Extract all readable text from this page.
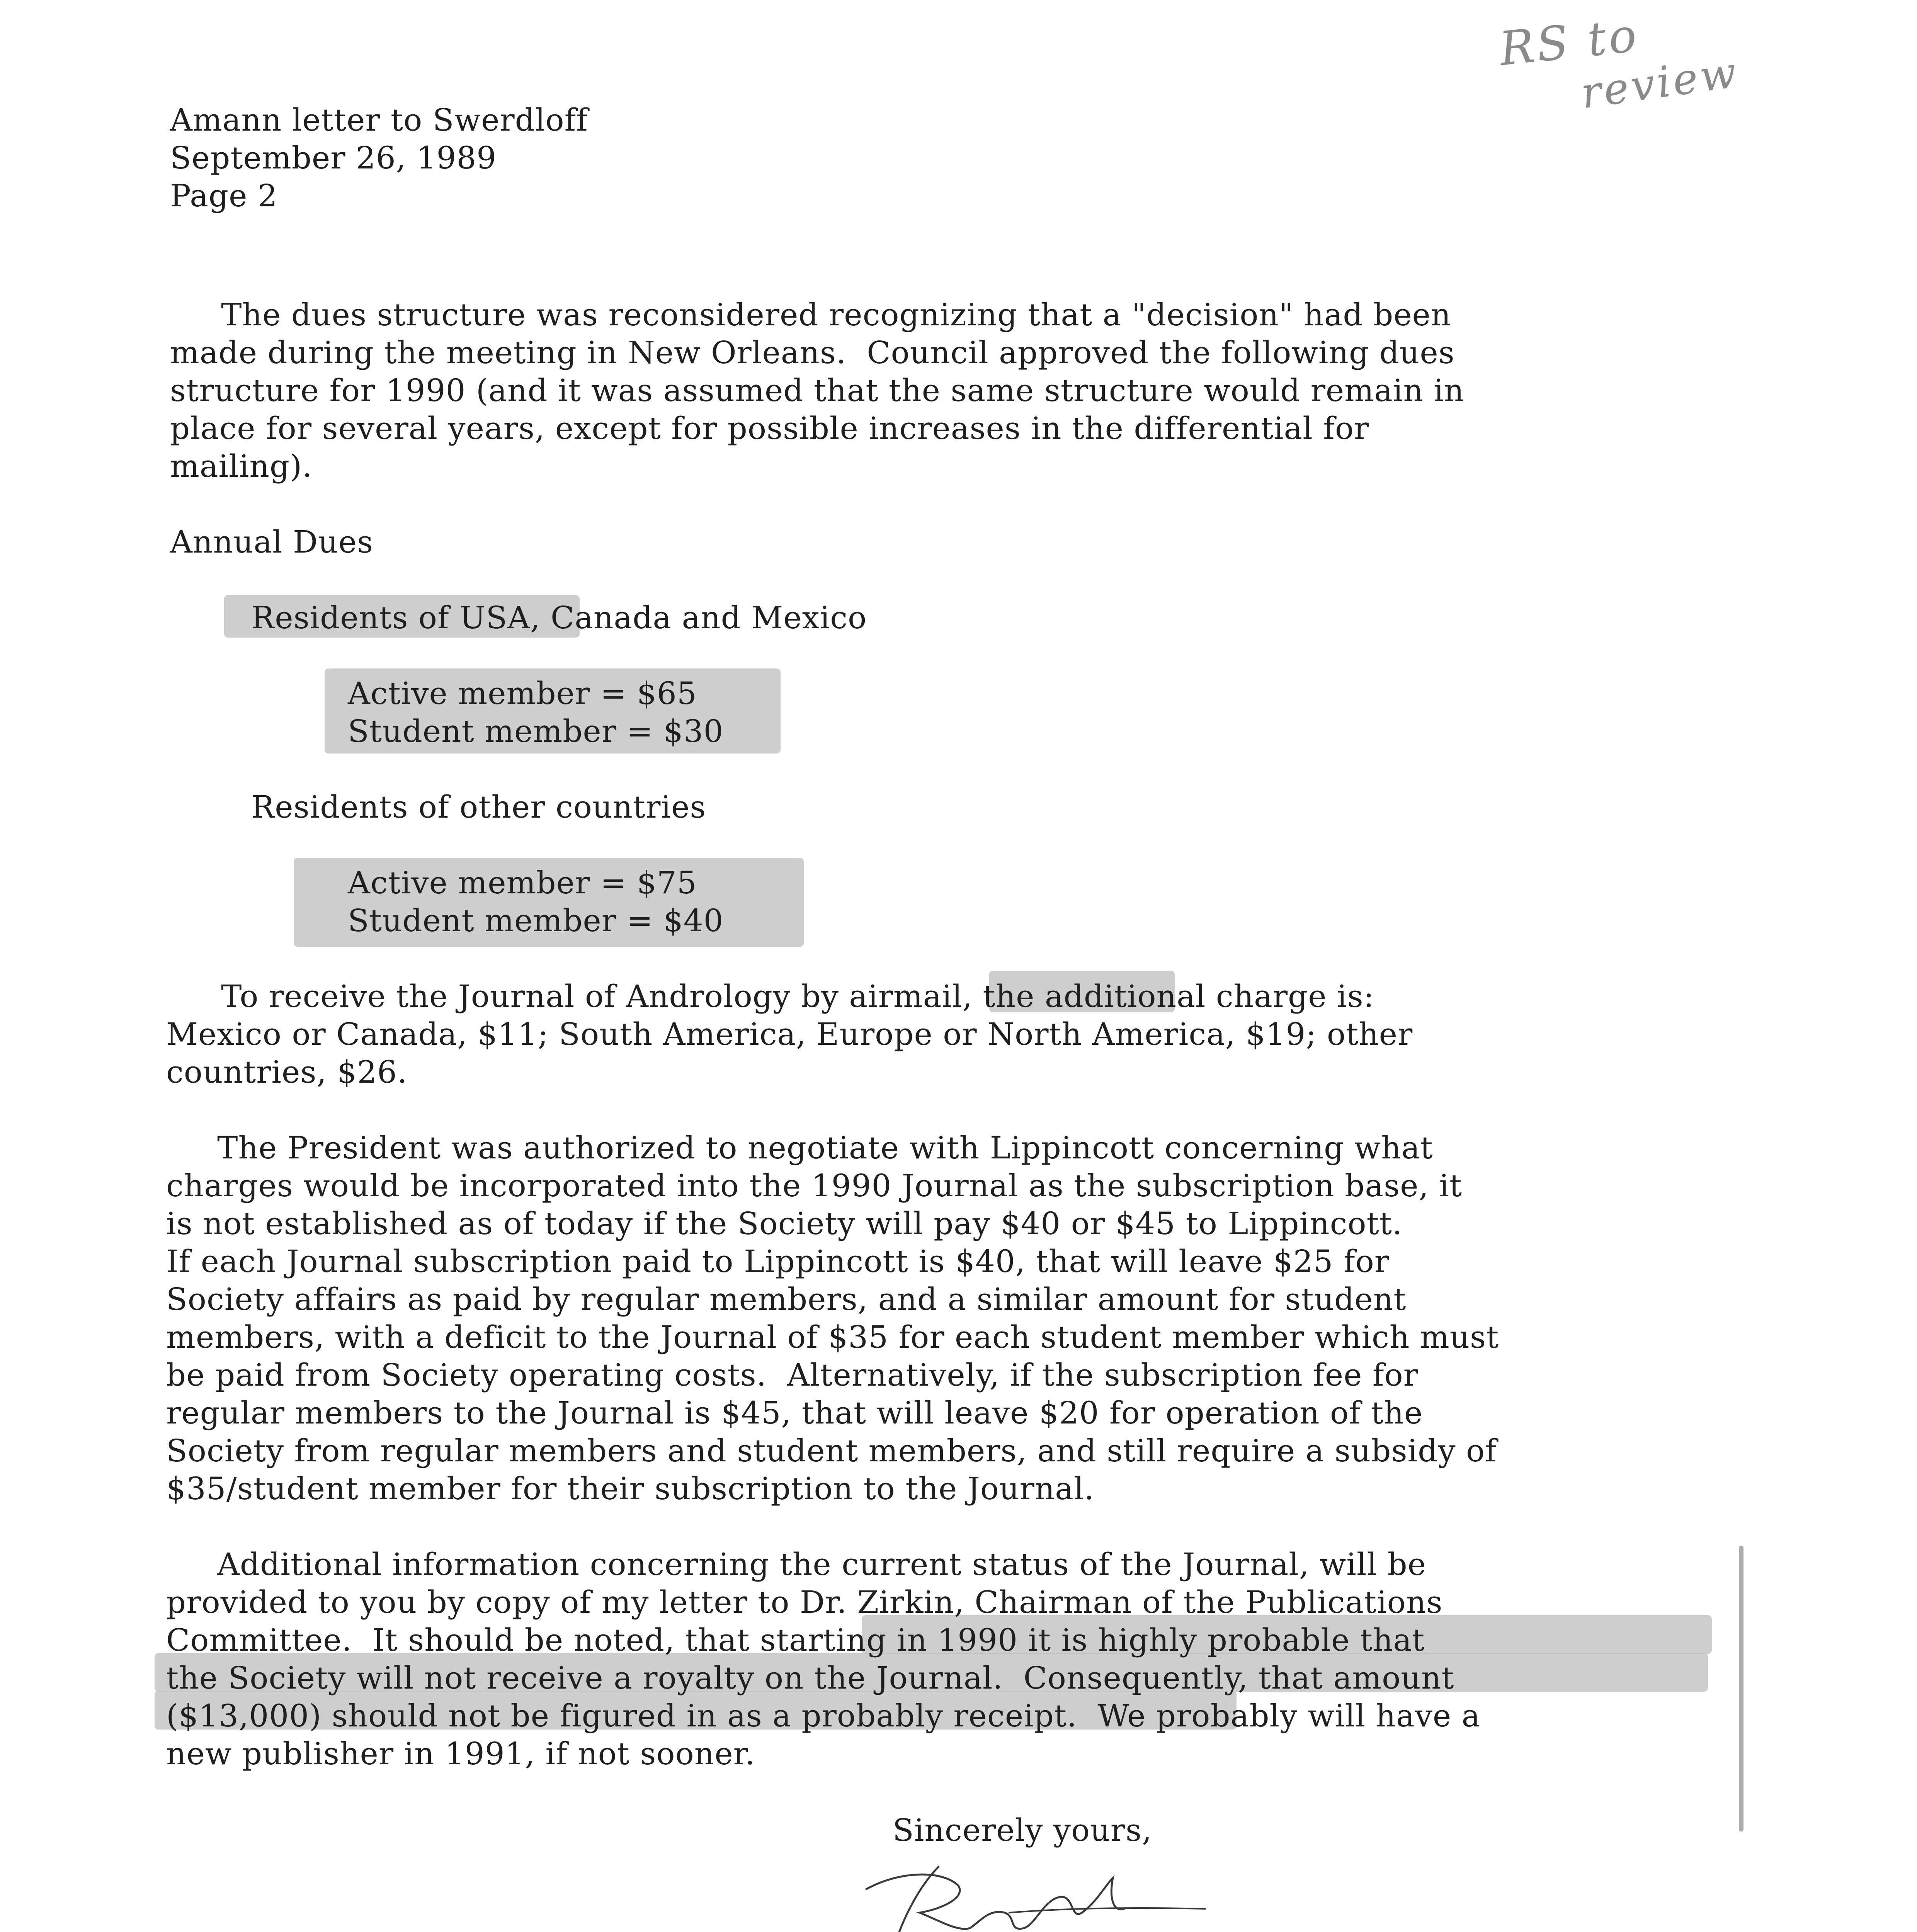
RS to
review
Amann letter to Swerdloff
September 26, 1989
Page 2
The dues structure was reconsidered recognizing that a "decision" had been
made during the meeting in New Orleans.  Council approved the following dues
structure for 1990 (and it was assumed that the same structure would remain in
place for several years, except for possible increases in the differential for
mailing).
Annual Dues
Residents of USA, Canada and Mexico
Active member = $65
Student member = $30
Residents of other countries
Active member = $75
Student member = $40
To receive the Journal of Andrology by airmail, the additional charge is:
Mexico or Canada, $11; South America, Europe or North America, $19; other
countries, $26.
The President was authorized to negotiate with Lippincott concerning what
charges would be incorporated into the 1990 Journal as the subscription base, it
is not established as of today if the Society will pay $40 or $45 to Lippincott.
If each Journal subscription paid to Lippincott is $40, that will leave $25 for
Society affairs as paid by regular members, and a similar amount for student
members, with a deficit to the Journal of $35 for each student member which must
be paid from Society operating costs.  Alternatively, if the subscription fee for
regular members to the Journal is $45, that will leave $20 for operation of the
Society from regular members and student members, and still require a subsidy of
$35/student member for their subscription to the Journal.
Additional information concerning the current status of the Journal, will be
provided to you by copy of my letter to Dr. Zirkin, Chairman of the Publications
Committee.  It should be noted, that starting in 1990 it is highly probable that
the Society will not receive a royalty on the Journal.  Consequently, that amount
($13,000) should not be figured in as a probably receipt.  We probably will have a
new publisher in 1991, if not sooner.
Sincerely yours,
